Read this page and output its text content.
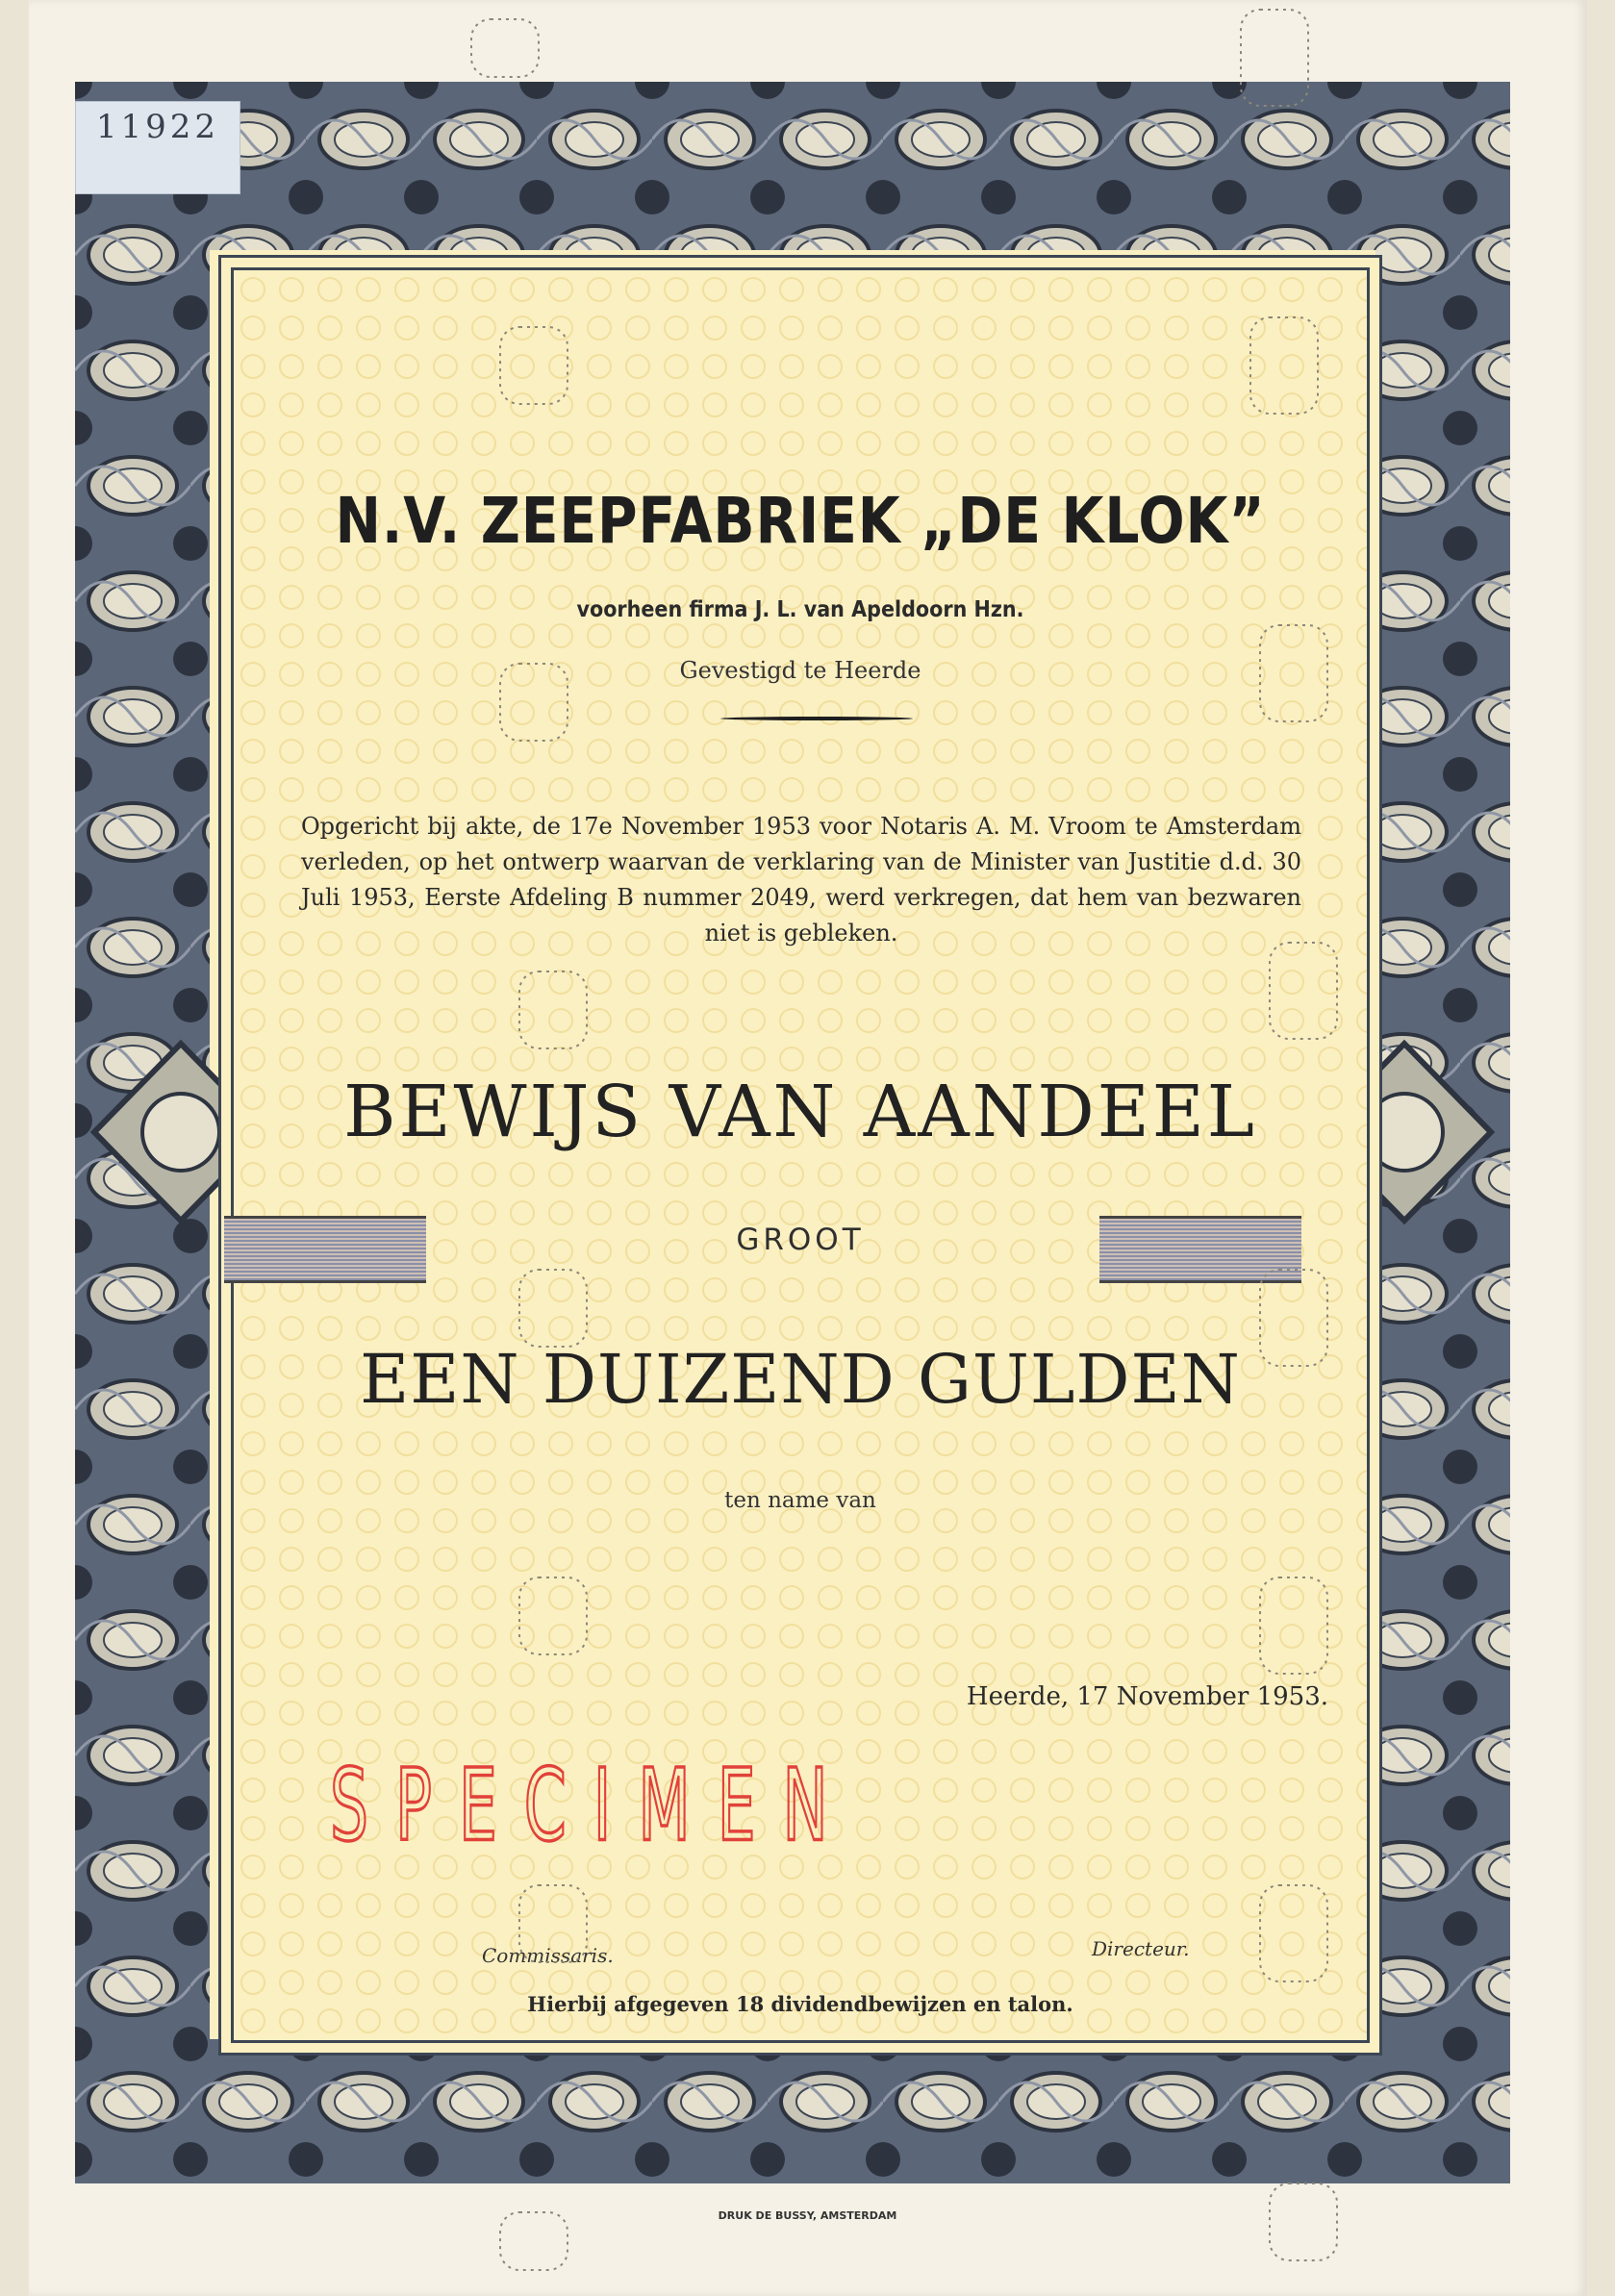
11922
N.V. ZEEPFABRIEK „DE KLOK”
voorheen firma J. L. van Apeldoorn Hzn.
Gevestigd te Heerde
Opgericht bij akte, de 17e November 1953 voor Notaris A. M. Vroom te Amsterdam verleden, op het ontwerp waarvan de verklaring van de Minister van Justitie d.d. 30 Juli 1953, Eerste Afdeling B nummer 2049, werd verkregen, dat hem van bezwaren niet is gebleken.
BEWIJS VAN AANDEEL
GROOT
EEN DUIZEND GULDEN
ten name van
Heerde, 17 November 1953.
SPECIMEN
Commissaris.	Directeur.
Hierbij afgegeven 18 dividendbewijzen en talon.
DRUK DE BUSSY, AMSTERDAM
